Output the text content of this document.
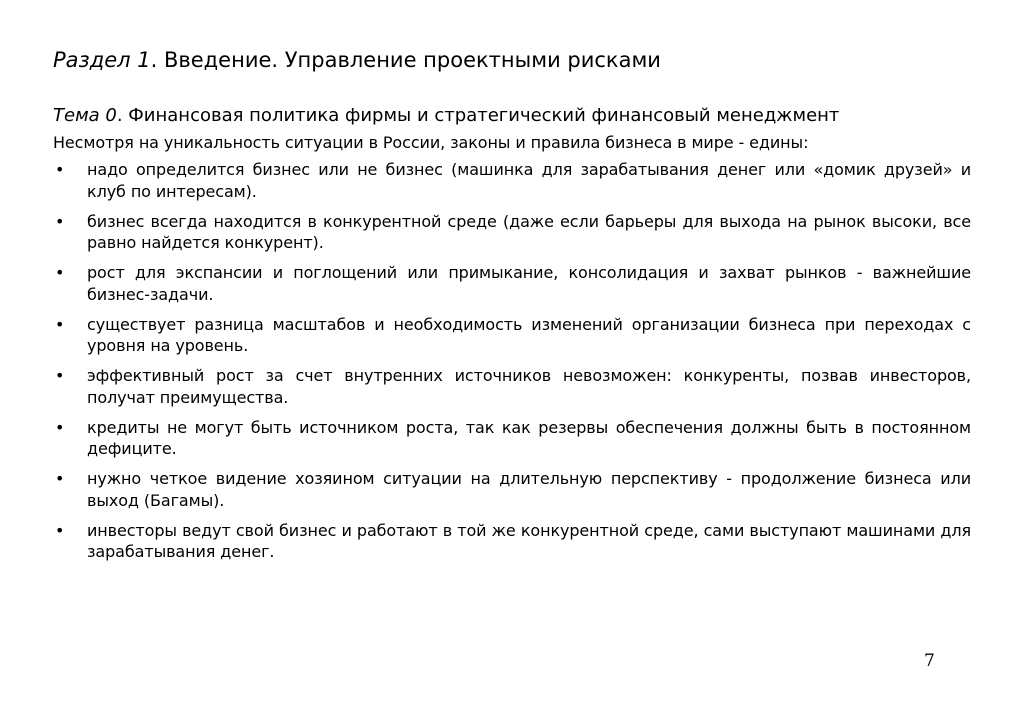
Раздел 1. Введение. Управление проектными рисками
Тема 0. Финансовая политика фирмы и стратегический финансовый менеджмент

Несмотря на уникальность ситуации в России, законы и правила бизнеса в мире - едины:

• надо определится бизнес или не бизнес (машинка для зарабатывания денег или «домик друзей» и клуб по интересам).
• бизнес всегда находится в конкурентной среде (даже если барьеры для выхода на рынок высоки, все равно найдется конкурент).
• рост для экспансии и поглощений или примыкание, консолидация и захват рынков - важнейшие бизнес-задачи.
• существует разница масштабов и необходимость изменений организации бизнеса при переходах с уровня на уровень.
• эффективный рост за счет внутренних источников невозможен: конкуренты, позвав инвесторов, получат преимущества.
• кредиты не могут быть источником роста, так как резервы обеспечения должны быть в постоянном дефиците.
• нужно четкое видение хозяином ситуации на длительную перспективу - продолжение бизнеса или выход (Багамы).
• инвесторы ведут свой бизнес и работают в той же конкурентной среде, сами выступают машинами для зарабатывания денег.
7
